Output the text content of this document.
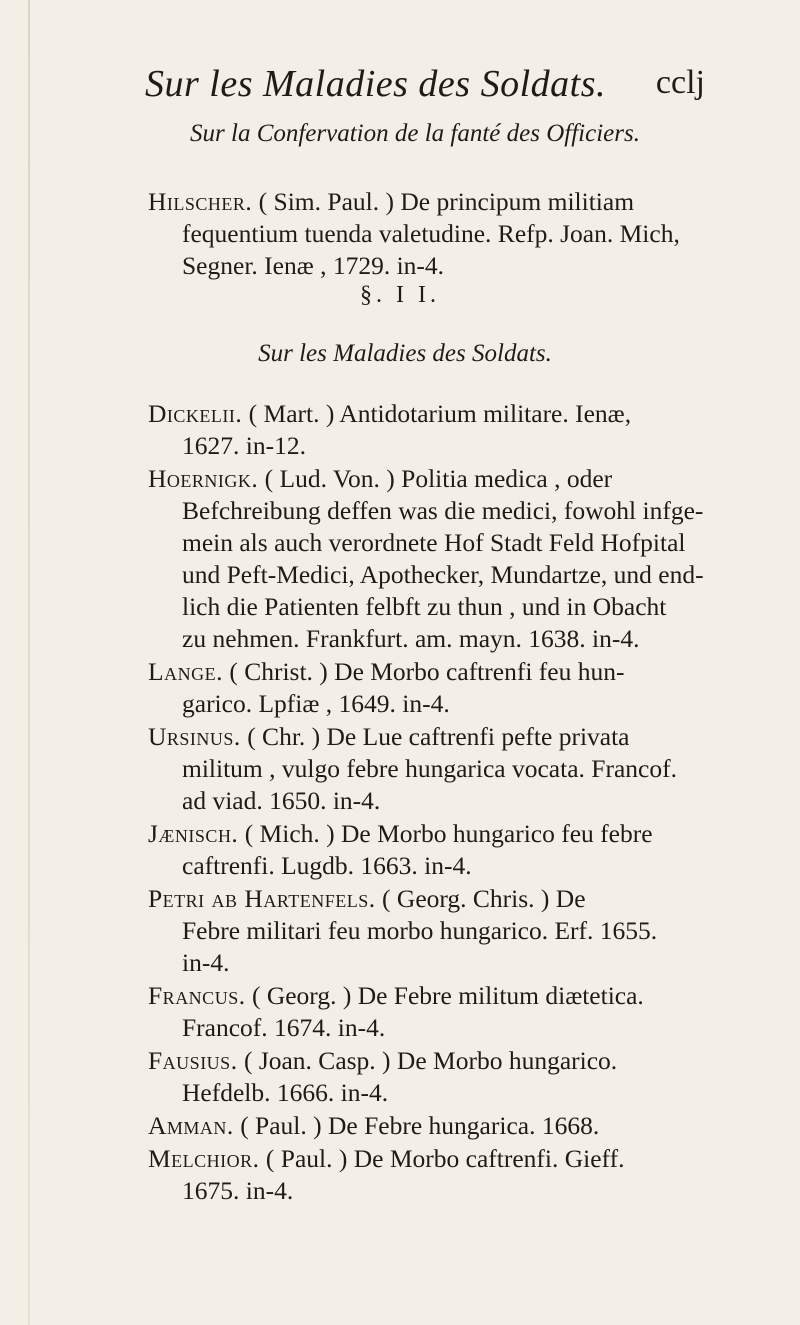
Sur les Maladies des Soldats. cclj
Sur la Confervation de la fanté des Officiers.
§. I I.
Sur les Maladies des Soldats.
Hilscher. ( Sim. Paul. ) De principum militiam
fequentium tuenda valetudine. Refp. Joan. Mich,
Segner. Ienæ , 1729. in-4.
Dickelii. ( Mart. ) Antidotarium militare. Ienæ,
1627. in-12.
Hoernigk. ( Lud. Von. ) Politia medica , oder
Befchreibung deffen was die medici, fowohl infge-
mein als auch verordnete Hof Stadt Feld Hofpital
und Peft-Medici, Apothecker, Mundartze, und end-
lich die Patienten felbft zu thun , und in Obacht
zu nehmen. Frankfurt. am. mayn. 1638. in-4.
Lange. ( Christ. ) De Morbo caftrenfi feu hun-
garico. Lpfiæ , 1649. in-4.
Ursinus. ( Chr. ) De Lue caftrenfi pefte privata
militum , vulgo febre hungarica vocata. Francof.
ad viad. 1650. in-4.
Jænisch. ( Mich. ) De Morbo hungarico feu febre
caftrenfi. Lugdb. 1663. in-4.
Petri ab Hartenfels. ( Georg. Chris. ) De
Febre militari feu morbo hungarico. Erf. 1655.
in-4.
Francus. ( Georg. ) De Febre militum diætetica.
Francof. 1674. in-4.
Fausius. ( Joan. Casp. ) De Morbo hungarico.
Hefdelb. 1666. in-4.
Amman. ( Paul. ) De Febre hungarica. 1668.
Melchior. ( Paul. ) De Morbo caftrenfi. Gieff.
1675. in-4.
